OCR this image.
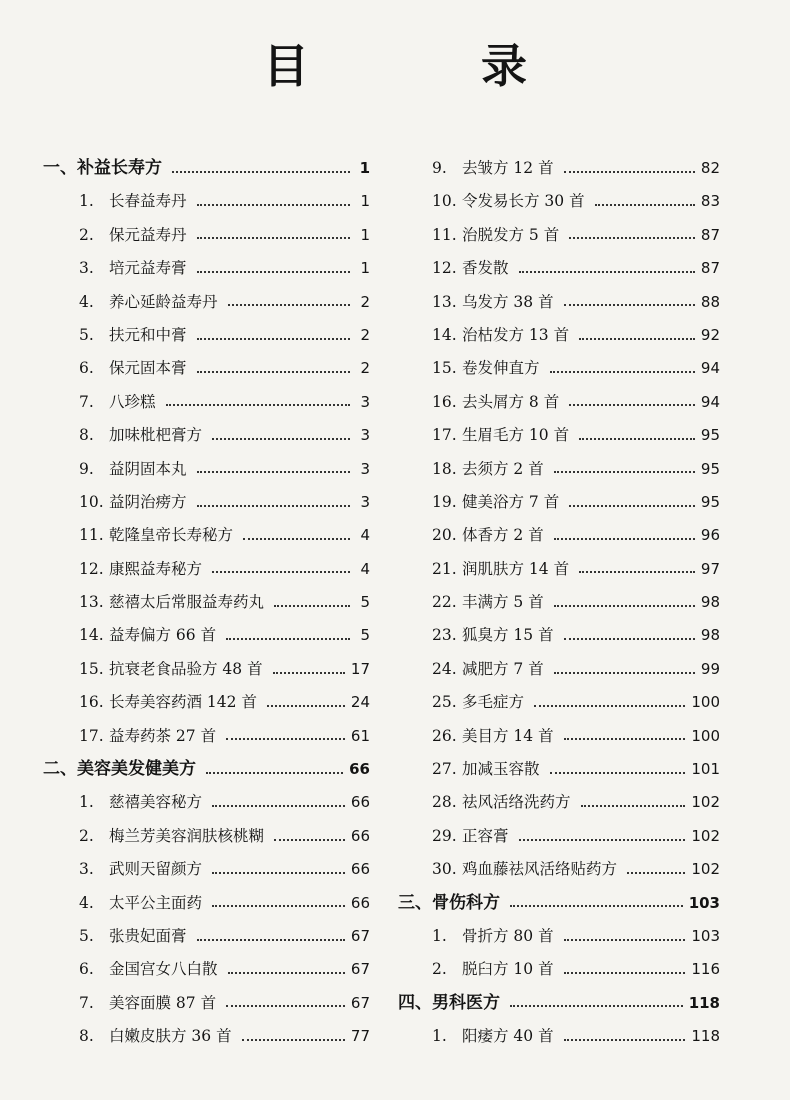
目 录
一、补益长寿方	1
1. 长春益寿丹	1
2. 保元益寿丹	1
3. 培元益寿膏	1
4. 养心延龄益寿丹	2
5. 扶元和中膏	2
6. 保元固本膏	2
7. 八珍糕	3
8. 加味枇杷膏方	3
9. 益阴固本丸	3
10. 益阴治痨方	3
11. 乾隆皇帝长寿秘方	4
12. 康熙益寿秘方	4
13. 慈禧太后常服益寿药丸	5
14. 益寿偏方 66 首	5
15. 抗衰老食品验方 48 首	17
16. 长寿美容药酒 142 首	24
17. 益寿药茶 27 首	61
二、美容美发健美方	66
1. 慈禧美容秘方	66
2. 梅兰芳美容润肤核桃糊	66
3. 武则天留颜方	66
4. 太平公主面药	66
5. 张贵妃面膏	67
6. 金国宫女八白散	67
7. 美容面膜 87 首	67
8. 白嫩皮肤方 36 首	77
9. 去皱方 12 首	82
10. 令发易长方 30 首	83
11. 治脱发方 5 首	87
12. 香发散	87
13. 乌发方 38 首	88
14. 治枯发方 13 首	92
15. 卷发伸直方	94
16. 去头屑方 8 首	94
17. 生眉毛方 10 首	95
18. 去须方 2 首	95
19. 健美浴方 7 首	95
20. 体香方 2 首	96
21. 润肌肤方 14 首	97
22. 丰满方 5 首	98
23. 狐臭方 15 首	98
24. 减肥方 7 首	99
25. 多毛症方	100
26. 美目方 14 首	100
27. 加减玉容散	101
28. 祛风活络洗药方	102
29. 正容膏	102
30. 鸡血藤祛风活络贴药方	102
三、骨伤科方	103
1. 骨折方 80 首	103
2. 脱臼方 10 首	116
四、男科医方	118
1. 阳痿方 40 首	118
